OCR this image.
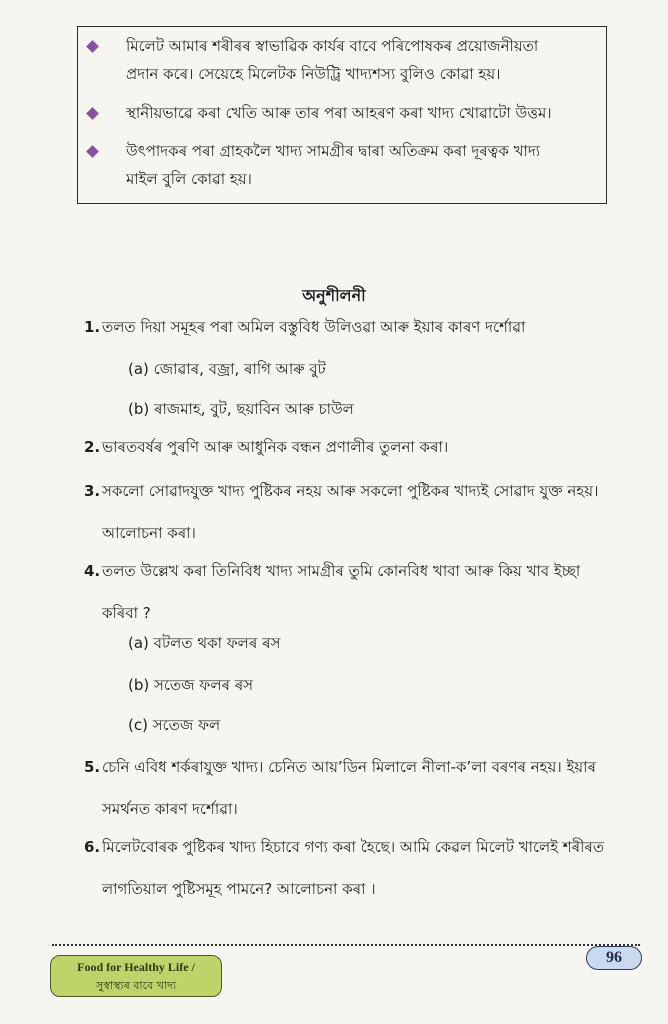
মিলেট আমাৰ শৰীৰৰ স্বাভাৱিক কাৰ্যৰ বাবে পৰিপোষকৰ প্ৰয়োজনীয়তা
প্ৰদান কৰে। সেয়েহে মিলেটক নিউট্ৰি খাদ্যশস্য বুলিও কোৱা হয়।
স্থানীয়ভাৱে কৰা খেতি আৰু তাৰ পৰা আহৰণ কৰা খাদ্য খোৱাটো উত্তম।
উৎপাদকৰ পৰা গ্ৰাহকলৈ খাদ্য সামগ্ৰীৰ দ্বাৰা অতিক্ৰম কৰা দূৰত্বক খাদ্য
মাইল বুলি কোৱা হয়।
অনুশীলনী
1. তলত দিয়া সমূহৰ পৰা অমিল বস্তুবিধ উলিওৱা আৰু ইয়াৰ কাৰণ দৰ্শোৱা
(a) জোৱাৰ, বজ্ৰা, ৰাগি আৰু বুট
(b) ৰাজমাহ, বুট, ছয়াবিন আৰু চাউল
2. ভাৰতবৰ্ষৰ পুৰণি আৰু আধুনিক বন্ধন প্ৰণালীৰ তুলনা কৰা।
3. সকলো সোৱাদযুক্ত খাদ্য পুষ্টিকৰ নহয় আৰু সকলো পুষ্টিকৰ খাদ্যই সোৱাদ যুক্ত নহয়।
আলোচনা কৰা।
4. তলত উল্লেখ কৰা তিনিবিধ খাদ্য সামগ্ৰীৰ তুমি কোনবিধ খাবা আৰু কিয় খাব ইচ্ছা
কৰিবা ?
(a) বটলত থকা ফলৰ ৰস
(b) সতেজ ফলৰ ৰস
(c) সতেজ ফল
5. চেনি এবিধ শৰ্কৰাযুক্ত খাদ্য। চেনিত আয়ʼডিন মিলালে নীলা-কʼলা বৰণৰ নহয়। ইয়াৰ
সমৰ্থনত কাৰণ দৰ্শোৱা।
6. মিলেটবোৰক পুষ্টিকৰ খাদ্য হিচাবে গণ্য কৰা হৈছে। আমি কেৱল মিলেট খালেই শৰীৰত
লাগতিয়াল পুষ্টিসমূহ পামনে? আলোচনা কৰা ।
Food for Healthy Life /
সুস্বাস্থ্যৰ বাবে খাদ্য
96
